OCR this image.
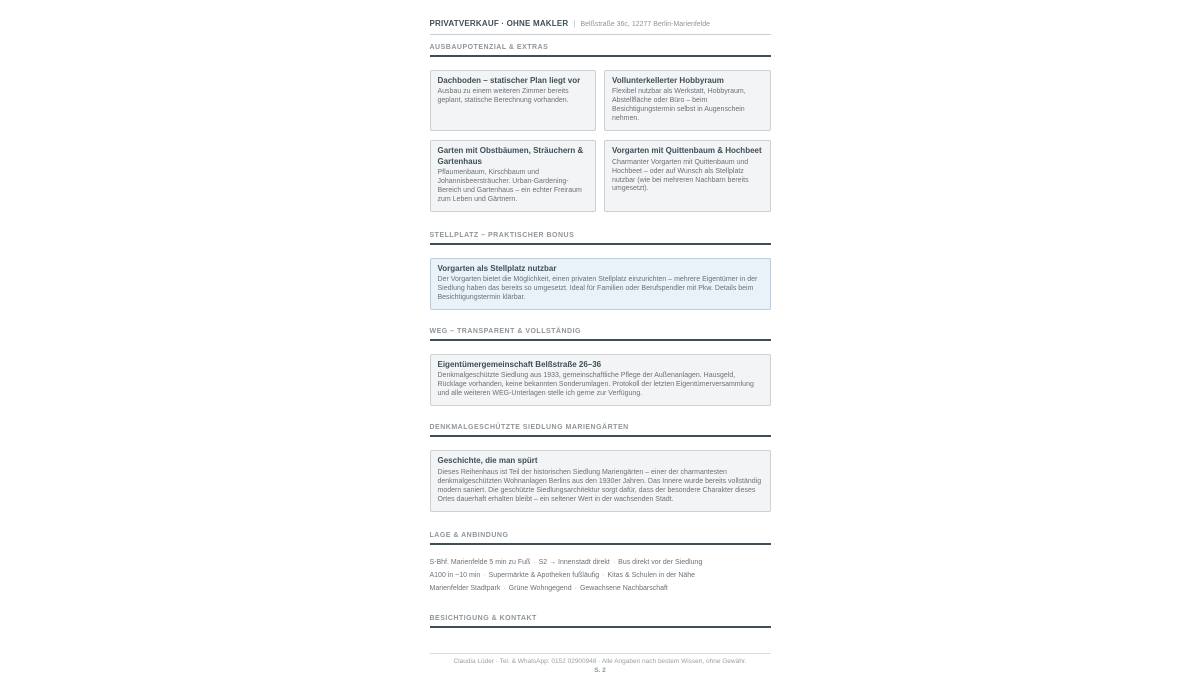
PRIVATVERKAUF · OHNE MAKLER | Belßstraße 36c, 12277 Berlin-Marienfelde
AUSBAUPOTENZIAL & EXTRAS
Dachboden – statischer Plan liegt vor
Ausbau zu einem weiteren Zimmer bereits geplant, statische Berechnung vorhanden.
Vollunterkellerter Hobbyraum
Flexibel nutzbar als Werkstatt, Hobbyraum, Abstellfläche oder Büro – beim Besichtigungstermin selbst in Augenschein nehmen.
Garten mit Obstbäumen, Sträuchern & Gartenhaus
Pflaumenbaum, Kirschbaum und Johannisbeersträucher. Urban-Gardening-Bereich und Gartenhaus – ein echter Freiraum zum Leben und Gärtnern.
Vorgarten mit Quittenbaum & Hochbeet
Charmanter Vorgarten mit Quittenbaum und Hochbeet – oder auf Wunsch als Stellplatz nutzbar (wie bei mehreren Nachbarn bereits umgesetzt).
STELLPLATZ – PRAKTISCHER BONUS
Vorgarten als Stellplatz nutzbar
Der Vorgarten bietet die Möglichkeit, einen privaten Stellplatz einzurichten – mehrere Eigentümer in der Siedlung haben das bereits so umgesetzt. Ideal für Familien oder Berufspendler mit Pkw. Details beim Besichtigungstermin klärbar.
WEG – TRANSPARENT & VOLLSTÄNDIG
Eigentümergemeinschaft Belßstraße 26–36
Denkmalgeschützte Siedlung aus 1933, gemeinschaftliche Pflege der Außenanlagen. Hausgeld, Rücklage vorhanden, keine bekannten Sonderumlagen. Protokoll der letzten Eigentümerversammlung und alle weiteren WEG-Unterlagen stelle ich gerne zur Verfügung.
DENKMALGESCHÜTZTE SIEDLUNG MARIENGÄRTEN
Geschichte, die man spürt
Dieses Reihenhaus ist Teil der historischen Siedlung Mariengärten – einer der charmantesten denkmalgeschützten Wohnanlagen Berlins aus den 1930er Jahren. Das Innere wurde bereits vollständig modern saniert. Die geschützte Siedlungsarchitektur sorgt dafür, dass der besondere Charakter dieses Ortes dauerhaft erhalten bleibt – ein seltener Wert in der wachsenden Stadt.
LAGE & ANBINDUNG
S-Bhf. Marienfelde 5 min zu Fuß · S2 → Innenstadt direkt · Bus direkt vor der Siedlung
A100 in ~10 min · Supermärkte & Apotheken fußläufig · Kitas & Schulen in der Nähe
Marienfelder Stadtpark · Grüne Wohngegend · Gewachsene Nachbarschaft
BESICHTIGUNG & KONTAKT
Claudia Lüder · Tel. & WhatsApp: 0152 02900948 · Alle Angaben nach bestem Wissen, ohne Gewähr.
S. 2
